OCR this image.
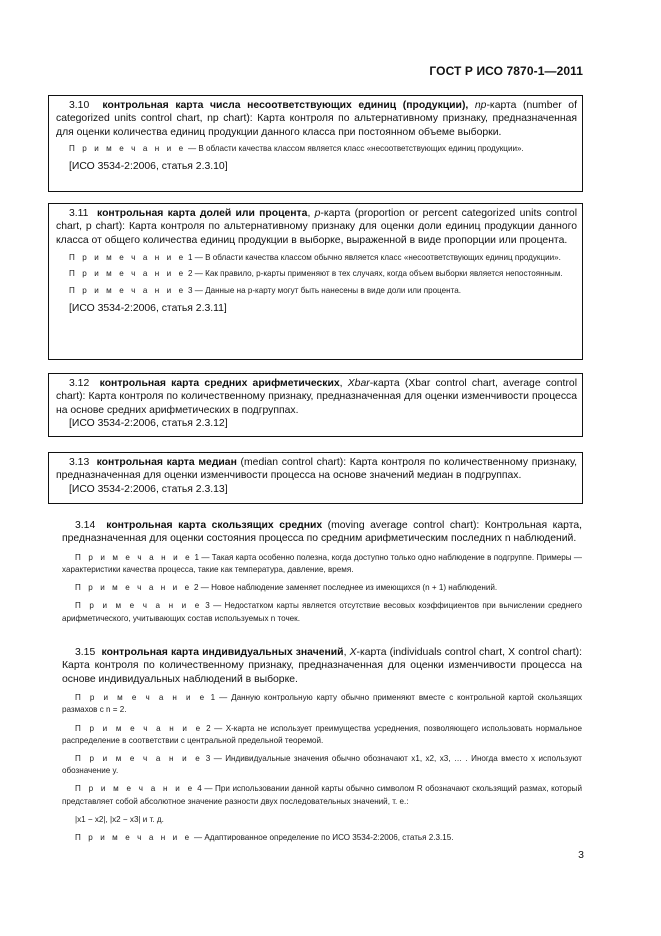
ГОСТ Р ИСО 7870-1—2011

3.10 контрольная карта числа несоответствующих единиц (продукции), np-карта (number of categorized units control chart, np chart): Карта контроля по альтернативному признаку, предназначенная для оценки количества единиц продукции данного класса при постоянном объеме выборки.

П р и м е ч а н и е — В области качества классом является класс «несоответствующих единиц продукции».

[ИСО 3534-2:2006, статья 2.3.10]

3.11 контрольная карта долей или процента, p-карта (proportion or percent categorized units control chart, p chart): Карта контроля по альтернативному признаку для оценки доли единиц продукции данного класса от общего количества единиц продукции в выборке, выраженной в виде пропорции или процента.

П р и м е ч а н и е 1 — В области качества классом обычно является класс «несоответствующих единиц продукции».

П р и м е ч а н и е 2 — Как правило, p-карты применяют в тех случаях, когда объем выборки является непостоянным.

П р и м е ч а н и е 3 — Данные на p-карту могут быть нанесены в виде доли или процента.

[ИСО 3534-2:2006, статья 2.3.11]

3.12 контрольная карта средних арифметических, Xbar-карта (Xbar control chart, average control chart): Карта контроля по количественному признаку, предназначенная для оценки изменчивости процесса на основе средних арифметических в подгруппах.

[ИСО 3534-2:2006, статья 2.3.12]

3.13 контрольная карта медиан (median control chart): Карта контроля по количественному признаку, предназначенная для оценки изменчивости процесса на основе значений медиан в подгруппах.

[ИСО 3534-2:2006, статья 2.3.13]

3.14 контрольная карта скользящих средних (moving average control chart): Контрольная карта, предназначенная для оценки состояния процесса по средним арифметическим последних n наблюдений.

П р и м е ч а н и е 1 — Такая карта особенно полезна, когда доступно только одно наблюдение в подгруппе. Примеры — характеристики качества процесса, такие как температура, давление, время.

П р и м е ч а н и е 2 — Новое наблюдение заменяет последнее из имеющихся (n + 1) наблюдений.

П р и м е ч а н и е 3 — Недостатком карты является отсутствие весовых коэффициентов при вычислении среднего арифметического, учитывающих состав используемых n точек.

3.15 контрольная карта индивидуальных значений, X-карта (individuals control chart, X control chart): Карта контроля по количественному признаку, предназначенная для оценки изменчивости процесса на основе индивидуальных наблюдений в выборке.

П р и м е ч а н и е 1 — Данную контрольную карту обычно применяют вместе с контрольной картой скользящих размахов с n = 2.

П р и м е ч а н и е 2 — X-карта не использует преимущества усреднения, позволяющего использовать нормальное распределение в соответствии с центральной предельной теоремой.

П р и м е ч а н и е 3 — Индивидуальные значения обычно обозначают x1, x2, x3, … . Иногда вместо x используют обозначение y.

П р и м е ч а н и е 4 — При использовании данной карты обычно символом R обозначают скользящий размах, который представляет собой абсолютное значение разности двух последовательных значений, т. е.:

|x1 − x2|, |x2 − x3| и т. д.

П р и м е ч а н и е — Адаптированное определение по ИСО 3534-2:2006, статья 2.3.15.

3
